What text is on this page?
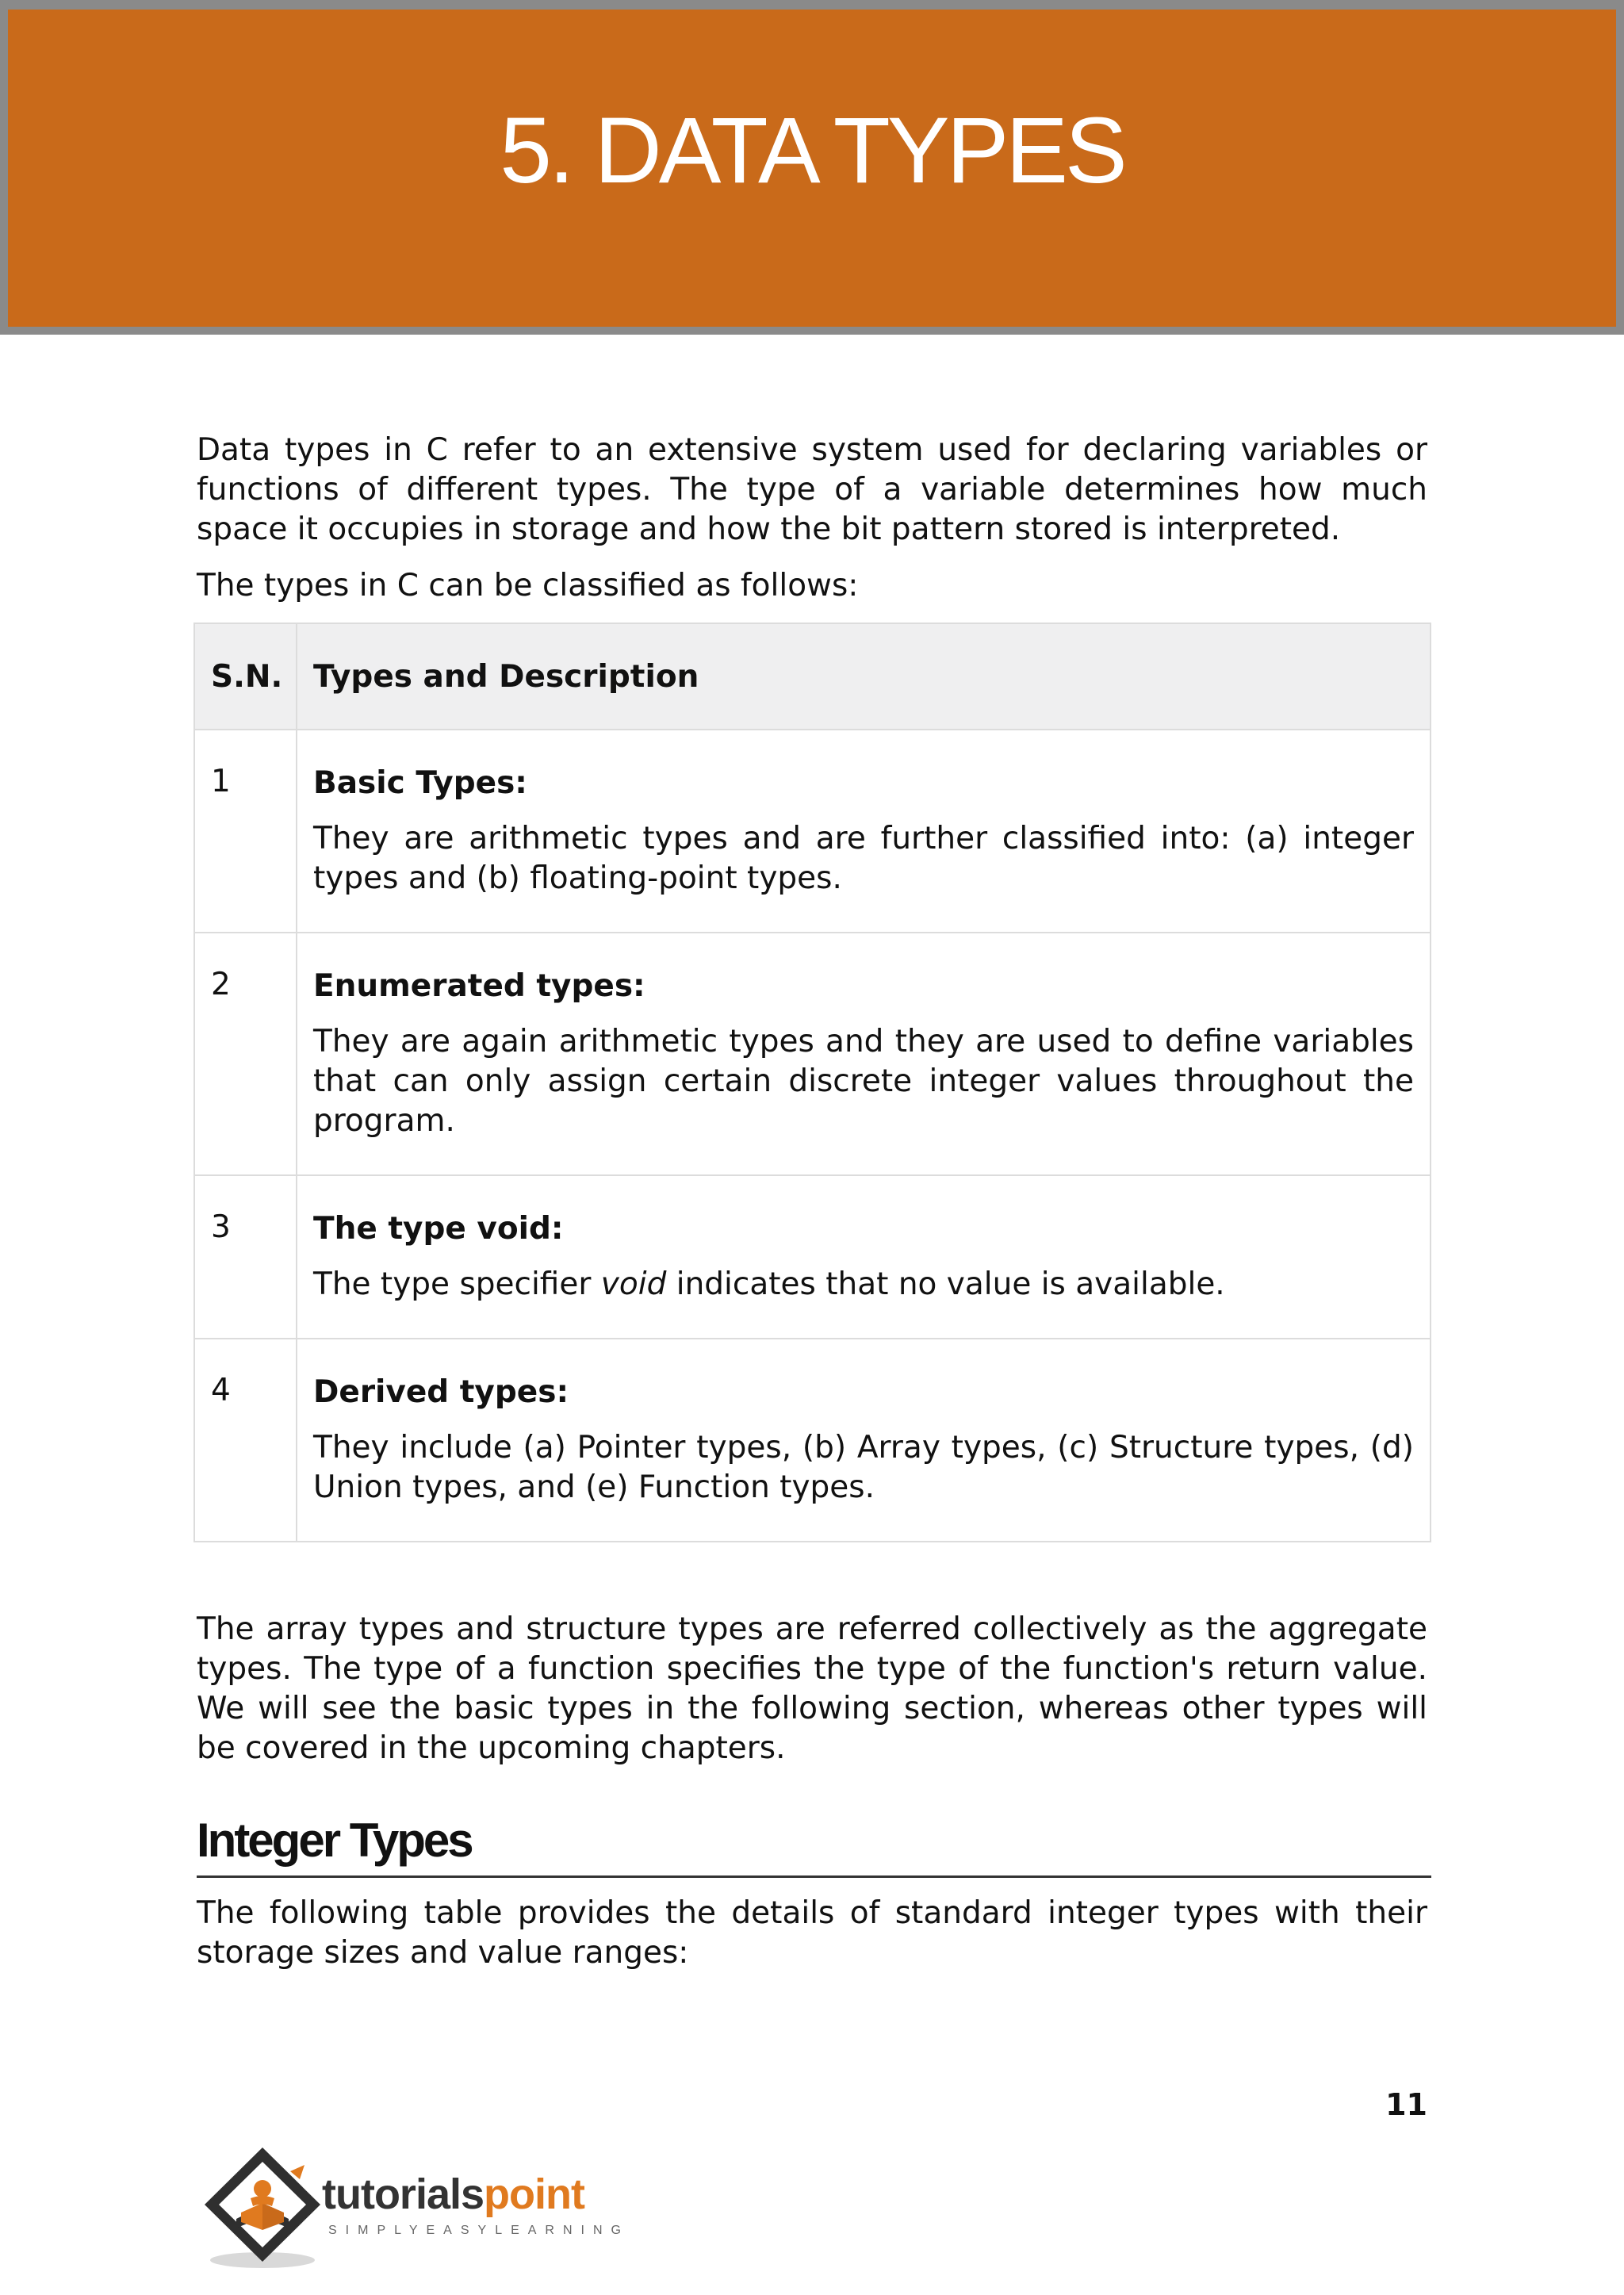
5. DATA TYPES

Data types in C refer to an extensive system used for declaring variables or functions of different types. The type of a variable determines how much space it occupies in storage and how the bit pattern stored is interpreted.

The types in C can be classified as follows:

S.N.	Types and Description
1	Basic Types:
They are arithmetic types and are further classified into: (a) integer types and (b) floating-point types.

2	Enumerated types:
They are again arithmetic types and they are used to define variables that can only assign certain discrete integer values throughout the program.

3	The type void:
The type specifier void indicates that no value is available.

4	Derived types:
They include (a) Pointer types, (b) Array types, (c) Structure types, (d) Union types, and (e) Function types.

The array types and structure types are referred collectively as the aggregate types. The type of a function specifies the type of the function's return value. We will see the basic types in the following section, whereas other types will be covered in the upcoming chapters.

Integer Types

The following table provides the details of standard integer types with their storage sizes and value ranges:

11
tutorialspoint
SIMPLYEASYLEARNING
